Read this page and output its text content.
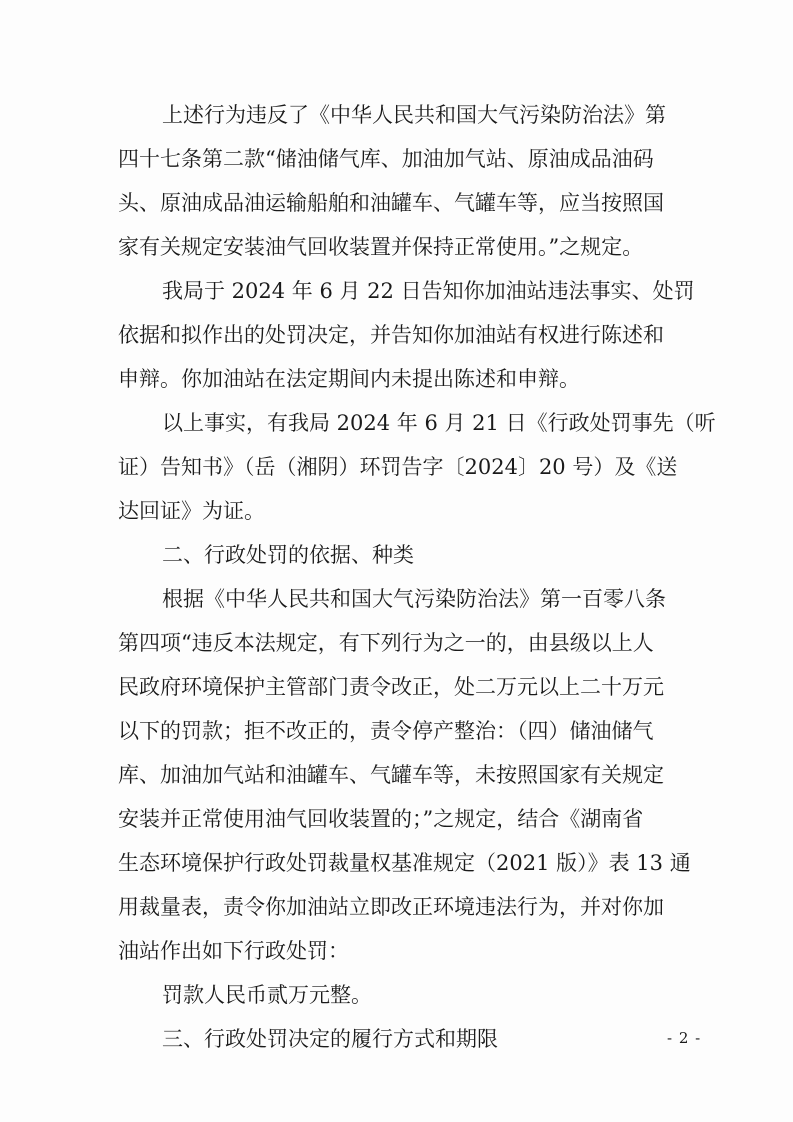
上述行为违反了《中华人民共和国大气污染防治法》第
四十七条第二款“储油储气库、加油加气站、原油成品油码
头、原油成品油运输船舶和油罐车、气罐车等，应当按照国
家有关规定安装油气回收装置并保持正常使用。”之规定。
我局于 2024 年 6 月 22 日告知你加油站违法事实、处罚
依据和拟作出的处罚决定，并告知你加油站有权进行陈述和
申辩。你加油站在法定期间内未提出陈述和申辩。
以上事实，有我局 2024 年 6 月 21 日《行政处罚事先（听
证）告知书》（岳（湘阴）环罚告字〔2024〕20 号）及《送
达回证》为证。
二、行政处罚的依据、种类
根据《中华人民共和国大气污染防治法》第一百零八条
第四项“违反本法规定，有下列行为之一的，由县级以上人
民政府环境保护主管部门责令改正，处二万元以上二十万元
以下的罚款；拒不改正的，责令停产整治：（四）储油储气
库、加油加气站和油罐车、气罐车等，未按照国家有关规定
安装并正常使用油气回收装置的；”之规定，结合《湖南省
生态环境保护行政处罚裁量权基准规定（2021 版）》表 13 通
用裁量表，责令你加油站立即改正环境违法行为，并对你加
油站作出如下行政处罚：
罚款人民币贰万元整。
三、行政处罚决定的履行方式和期限	- 2 -
